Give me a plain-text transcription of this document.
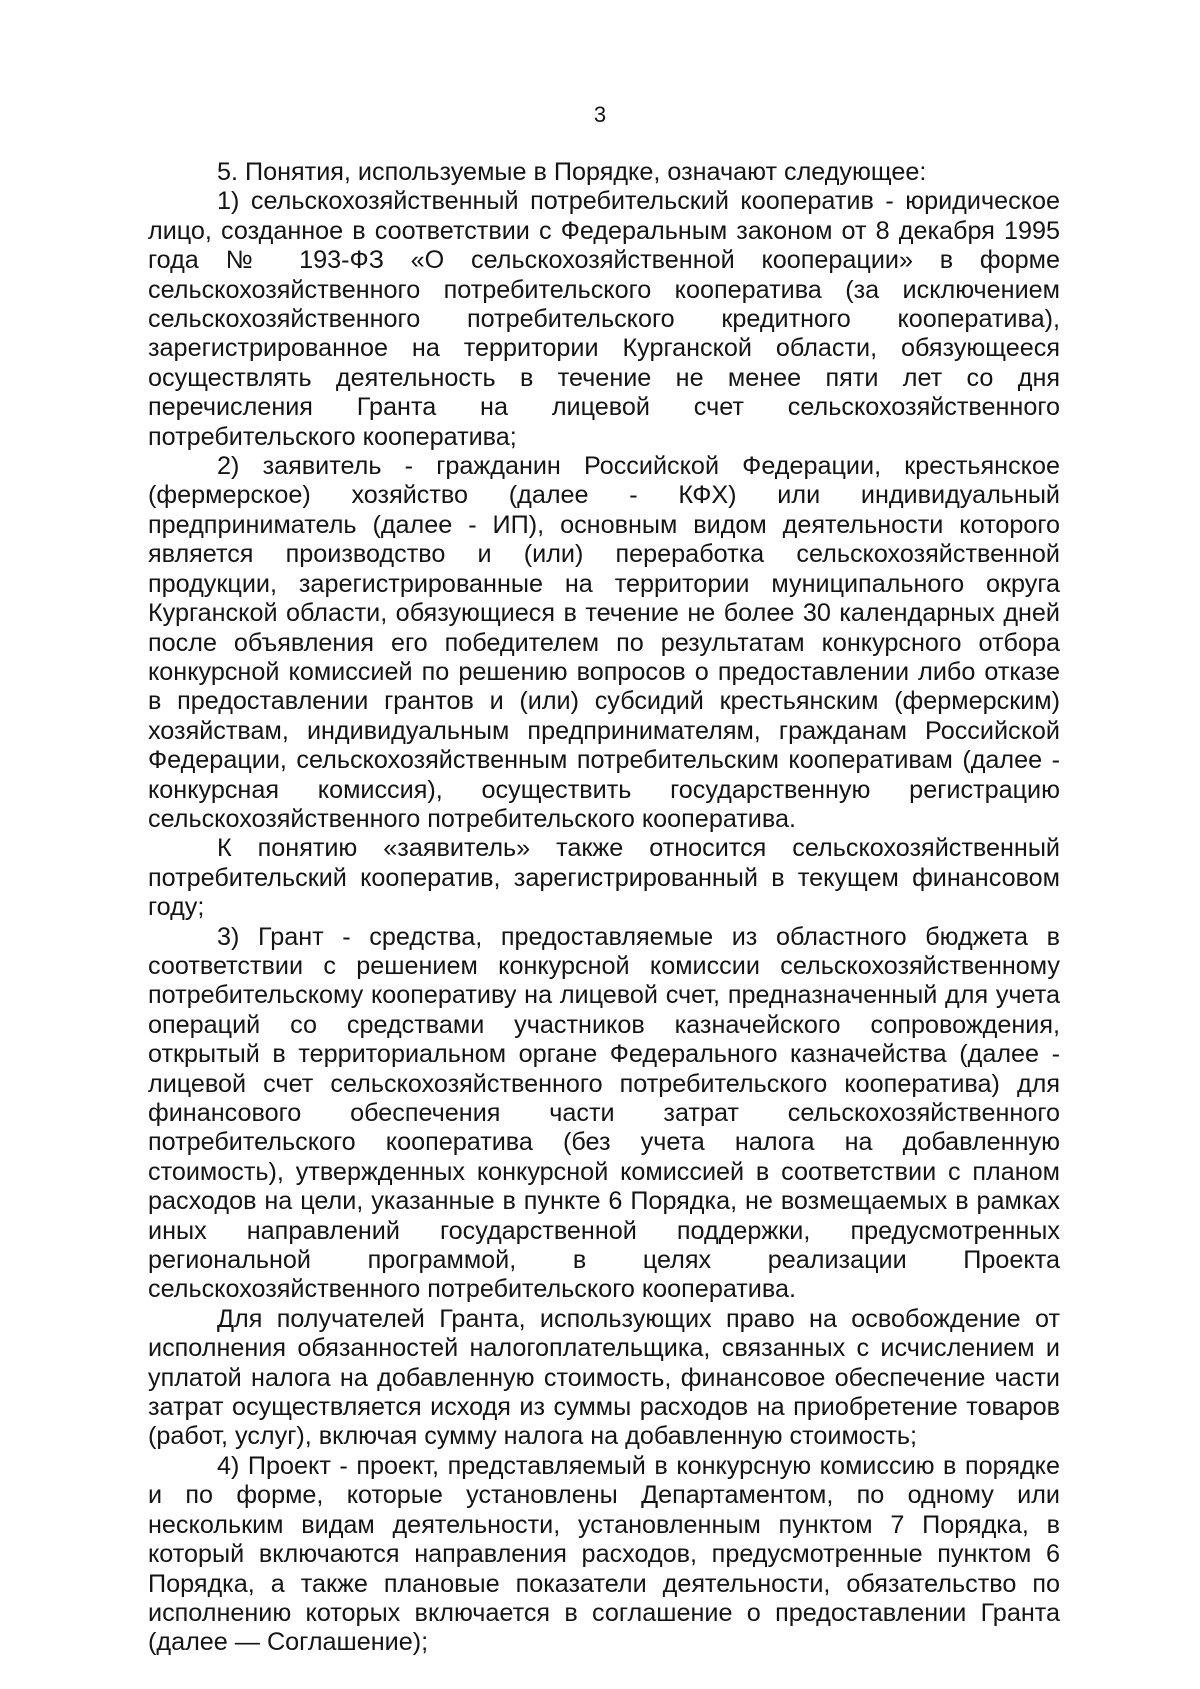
3

5. Понятия, используемые в Порядке, означают следующее:

1) сельскохозяйственный потребительский кооператив - юридическое лицо, созданное в соответствии с Федеральным законом от 8 декабря 1995 года № 193-ФЗ «О сельскохозяйственной кооперации» в форме сельскохозяйственного потребительского кооператива (за исключением сельскохозяйственного потребительского кредитного кооператива), зарегистрированное на территории Курганской области, обязующееся осуществлять деятельность в течение не менее пяти лет со дня перечисления Гранта на лицевой счет сельскохозяйственного потребительского кооператива;

2) заявитель - гражданин Российской Федерации, крестьянское (фермерское) хозяйство (далее - КФХ) или индивидуальный предприниматель (далее - ИП), основным видом деятельности которого является производство и (или) переработка сельскохозяйственной продукции, зарегистрированные на территории муниципального округа Курганской области, обязующиеся в течение не более 30 календарных дней после объявления его победителем по результатам конкурсного отбора конкурсной комиссией по решению вопросов о предоставлении либо отказе в предоставлении грантов и (или) субсидий крестьянским (фермерским) хозяйствам, индивидуальным предпринимателям, гражданам Российской Федерации, сельскохозяйственным потребительским кооперативам (далее - конкурсная комиссия), осуществить государственную регистрацию сельскохозяйственного потребительского кооператива.

К понятию «заявитель» также относится сельскохозяйственный потребительский кооператив, зарегистрированный в текущем финансовом году;

3) Грант - средства, предоставляемые из областного бюджета в соответствии с решением конкурсной комиссии сельскохозяйственному потребительскому кооперативу на лицевой счет, предназначенный для учета операций со средствами участников казначейского сопровождения, открытый в территориальном органе Федерального казначейства (далее - лицевой счет сельскохозяйственного потребительского кооператива) для финансового обеспечения части затрат сельскохозяйственного потребительского кооператива (без учета налога на добавленную стоимость), утвержденных конкурсной комиссией в соответствии с планом расходов на цели, указанные в пункте 6 Порядка, не возмещаемых в рамках иных направлений государственной поддержки, предусмотренных региональной программой, в целях реализации Проекта сельскохозяйственного потребительского кооператива.

Для получателей Гранта, использующих право на освобождение от исполнения обязанностей налогоплательщика, связанных с исчислением и уплатой налога на добавленную стоимость, финансовое обеспечение части затрат осуществляется исходя из суммы расходов на приобретение товаров (работ, услуг), включая сумму налога на добавленную стоимость;

4) Проект - проект, представляемый в конкурсную комиссию в порядке и по форме, которые установлены Департаментом, по одному или нескольким видам деятельности, установленным пунктом 7 Порядка, в который включаются направления расходов, предусмотренные пунктом 6 Порядка, а также плановые показатели деятельности, обязательство по исполнению которых включается в соглашение о предоставлении Гранта (далее — Соглашение);
